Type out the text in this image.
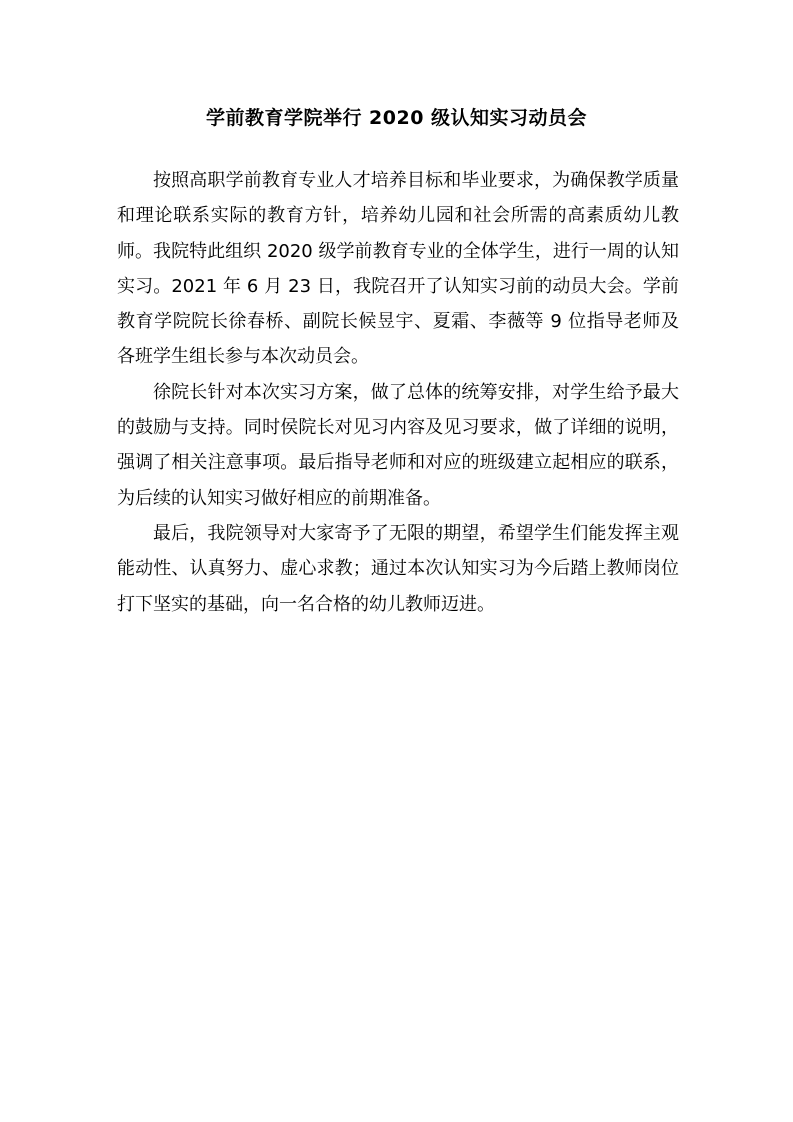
学前教育学院举行 2020 级认知实习动员会

按照高职学前教育专业人才培养目标和毕业要求，为确保教学质量和理论联系实际的教育方针，培养幼儿园和社会所需的高素质幼儿教师。我院特此组织 2020 级学前教育专业的全体学生，进行一周的认知实习。2021 年 6 月 23 日，我院召开了认知实习前的动员大会。学前教育学院院长徐春桥、副院长候昱宇、夏霜、李薇等 9 位指导老师及各班学生组长参与本次动员会。

徐院长针对本次实习方案，做了总体的统筹安排，对学生给予最大的鼓励与支持。同时侯院长对见习内容及见习要求，做了详细的说明，强调了相关注意事项。最后指导老师和对应的班级建立起相应的联系，为后续的认知实习做好相应的前期准备。

最后，我院领导对大家寄予了无限的期望，希望学生们能发挥主观能动性、认真努力、虚心求教；通过本次认知实习为今后踏上教师岗位打下坚实的基础，向一名合格的幼儿教师迈进。
